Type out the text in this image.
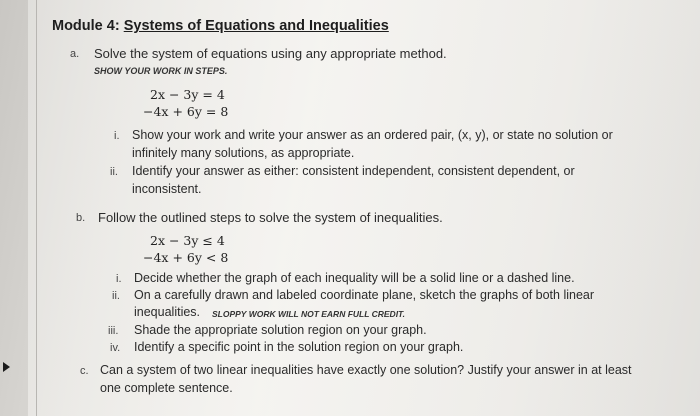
Module 4: Systems of Equations and Inequalities
a. Solve the system of equations using any appropriate method.
SHOW YOUR WORK IN STEPS.
2x − 3y = 4
−4x + 6y = 8
i. Show your work and write your answer as an ordered pair, (x, y), or state no solution or
infinitely many solutions, as appropriate.
ii. Identify your answer as either: consistent independent, consistent dependent, or
inconsistent.
b. Follow the outlined steps to solve the system of inequalities.
2x − 3y ≤ 4
−4x + 6y < 8
i. Decide whether the graph of each inequality will be a solid line or a dashed line.
ii. On a carefully drawn and labeled coordinate plane, sketch the graphs of both linear
inequalities. SLOPPY WORK WILL NOT EARN FULL CREDIT.
iii. Shade the appropriate solution region on your graph.
iv. Identify a specific point in the solution region on your graph.
c. Can a system of two linear inequalities have exactly one solution? Justify your answer in at least
one complete sentence.
